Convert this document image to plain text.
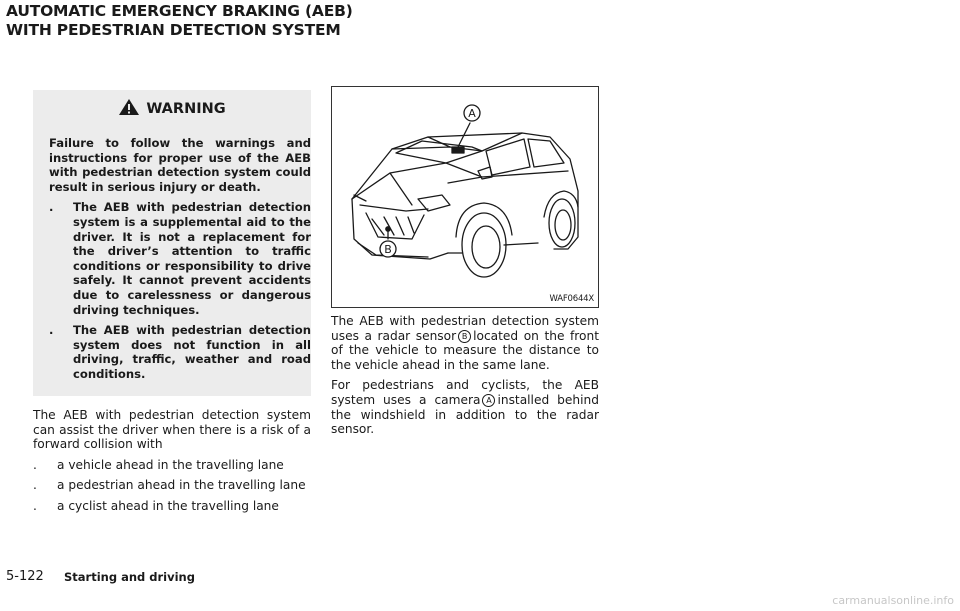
AUTOMATIC EMERGENCY BRAKING (AEB)
WITH PEDESTRIAN DETECTION SYSTEM
WARNING

Failure to follow the warnings and instructions for proper use of the AEB with pedestrian detection system could result in serious injury or death.

.	The AEB with pedestrian detection system is a supplemental aid to the driver. It is not a replacement for the driver’s attention to traffic conditions or responsibility to drive safely. It cannot prevent accidents due to carelessness or dangerous driving techniques.
.	The AEB with pedestrian detection system does not function in all driving, traffic, weather and road conditions.

The AEB with pedestrian detection system can assist the driver when there is a risk of a forward collision with

.	a vehicle ahead in the travelling lane
.	a pedestrian ahead in the travelling lane
.	a cyclist ahead in the travelling lane
A
B
WAF0644X

The AEB with pedestrian detection system uses a radar sensor B located on the front of the vehicle to measure the distance to the vehicle ahead in the same lane.

For pedestrians and cyclists, the AEB system uses a camera A installed behind the windshield in addition to the radar sensor.

5-122 Starting and driving
carmanualsonline.info
